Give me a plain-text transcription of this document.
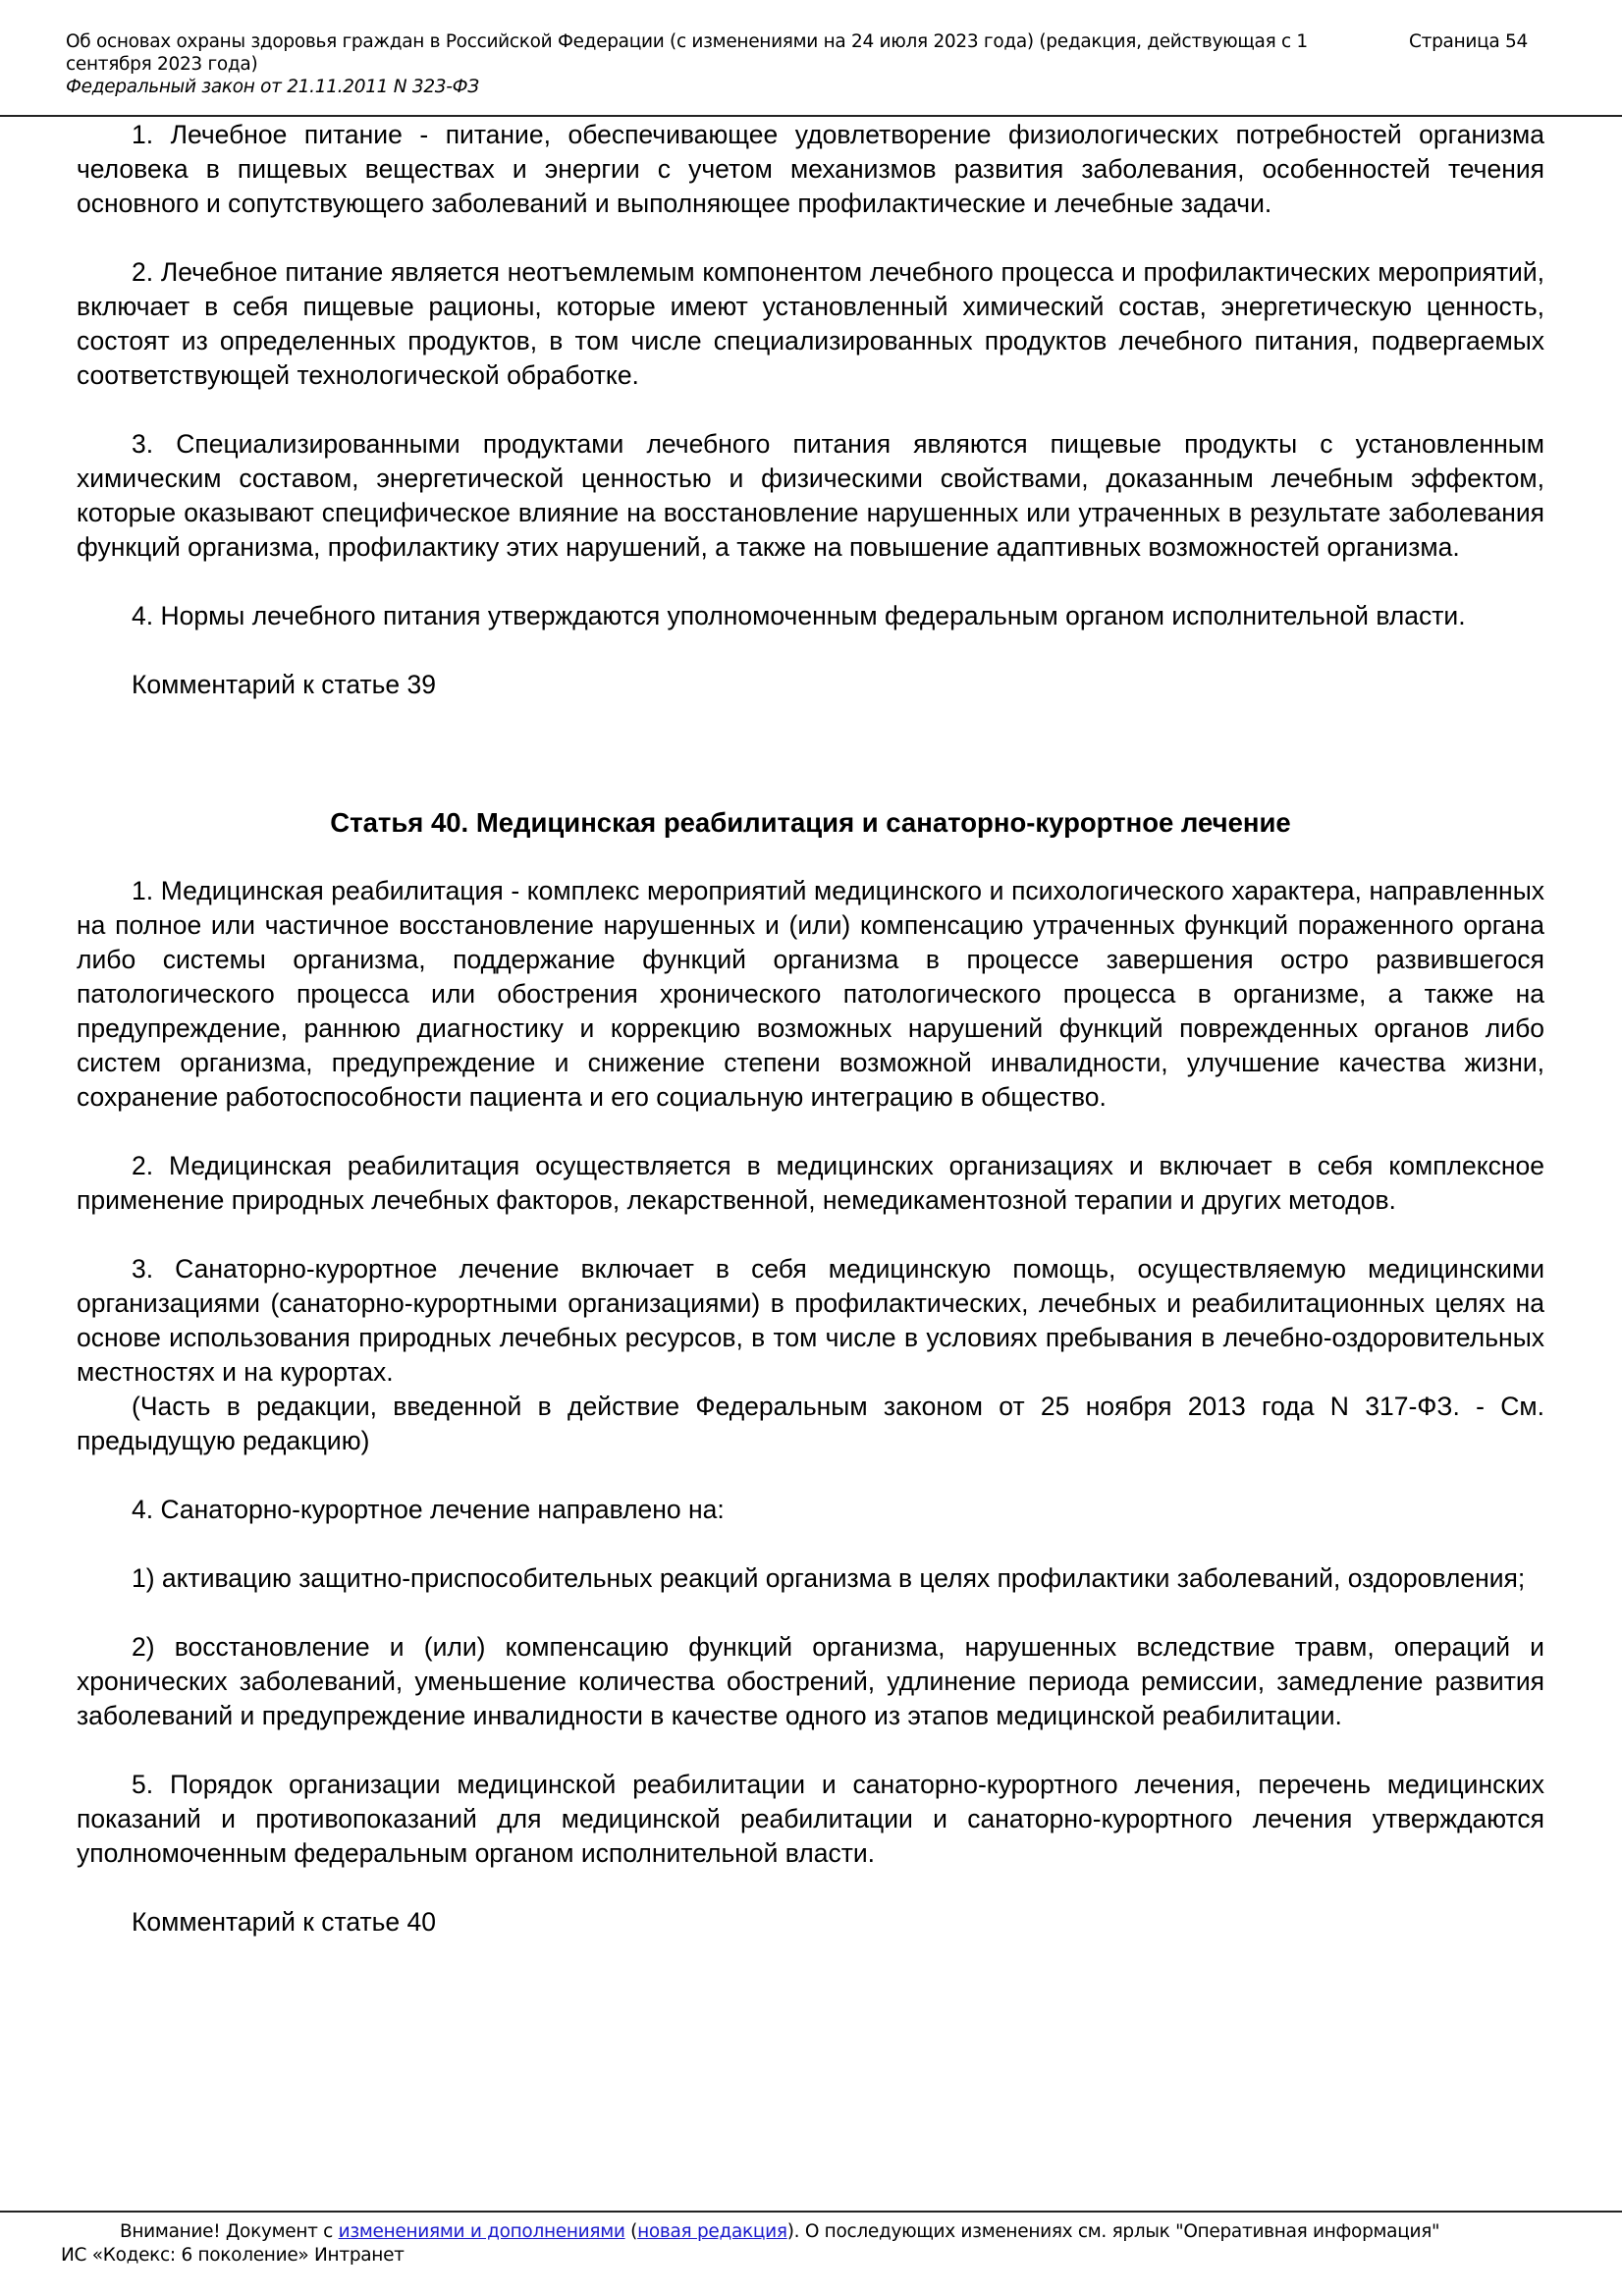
Об основах охраны здоровья граждан в Российской Федерации (с изменениями на 24 июля 2023 года) (редакция, действующая с 1 сентября 2023 года)
Федеральный закон от 21.11.2011 N 323-ФЗ
Страница 54

1. Лечебное питание - питание, обеспечивающее удовлетворение физиологических потребностей организма человека в пищевых веществах и энергии с учетом механизмов развития заболевания, особенностей течения основного и сопутствующего заболеваний и выполняющее профилактические и лечебные задачи.

2. Лечебное питание является неотъемлемым компонентом лечебного процесса и профилактических мероприятий, включает в себя пищевые рационы, которые имеют установленный химический состав, энергетическую ценность, состоят из определенных продуктов, в том числе специализированных продуктов лечебного питания, подвергаемых соответствующей технологической обработке.

3. Специализированными продуктами лечебного питания являются пищевые продукты с установленным химическим составом, энергетической ценностью и физическими свойствами, доказанным лечебным эффектом, которые оказывают специфическое влияние на восстановление нарушенных или утраченных в результате заболевания функций организма, профилактику этих нарушений, а также на повышение адаптивных возможностей организма.

4. Нормы лечебного питания утверждаются уполномоченным федеральным органом исполнительной власти.

Комментарий к статье 39

Статья 40. Медицинская реабилитация и санаторно-курортное лечение

1. Медицинская реабилитация - комплекс мероприятий медицинского и психологического характера, направленных на полное или частичное восстановление нарушенных и (или) компенсацию утраченных функций пораженного органа либо системы организма, поддержание функций организма в процессе завершения остро развившегося патологического процесса или обострения хронического патологического процесса в организме, а также на предупреждение, раннюю диагностику и коррекцию возможных нарушений функций поврежденных органов либо систем организма, предупреждение и снижение степени возможной инвалидности, улучшение качества жизни, сохранение работоспособности пациента и его социальную интеграцию в общество.

2. Медицинская реабилитация осуществляется в медицинских организациях и включает в себя комплексное применение природных лечебных факторов, лекарственной, немедикаментозной терапии и других методов.

3. Санаторно-курортное лечение включает в себя медицинскую помощь, осуществляемую медицинскими организациями (санаторно-курортными организациями) в профилактических, лечебных и реабилитационных целях на основе использования природных лечебных ресурсов, в том числе в условиях пребывания в лечебно-оздоровительных местностях и на курортах.

(Часть в редакции, введенной в действие Федеральным законом от 25 ноября 2013 года N 317-ФЗ. - См. предыдущую редакцию)

4. Санаторно-курортное лечение направлено на:

1) активацию защитно-приспособительных реакций организма в целях профилактики заболеваний, оздоровления;

2) восстановление и (или) компенсацию функций организма, нарушенных вследствие травм, операций и хронических заболеваний, уменьшение количества обострений, удлинение периода ремиссии, замедление развития заболеваний и предупреждение инвалидности в качестве одного из этапов медицинской реабилитации.

5. Порядок организации медицинской реабилитации и санаторно-курортного лечения, перечень медицинских показаний и противопоказаний для медицинской реабилитации и санаторно-курортного лечения утверждаются уполномоченным федеральным органом исполнительной власти.

Комментарий к статье 40

Внимание! Документ с изменениями и дополнениями (новая редакция). О последующих изменениях см. ярлык "Оперативная информация"
ИС «Кодекс: 6 поколение» Интранет
